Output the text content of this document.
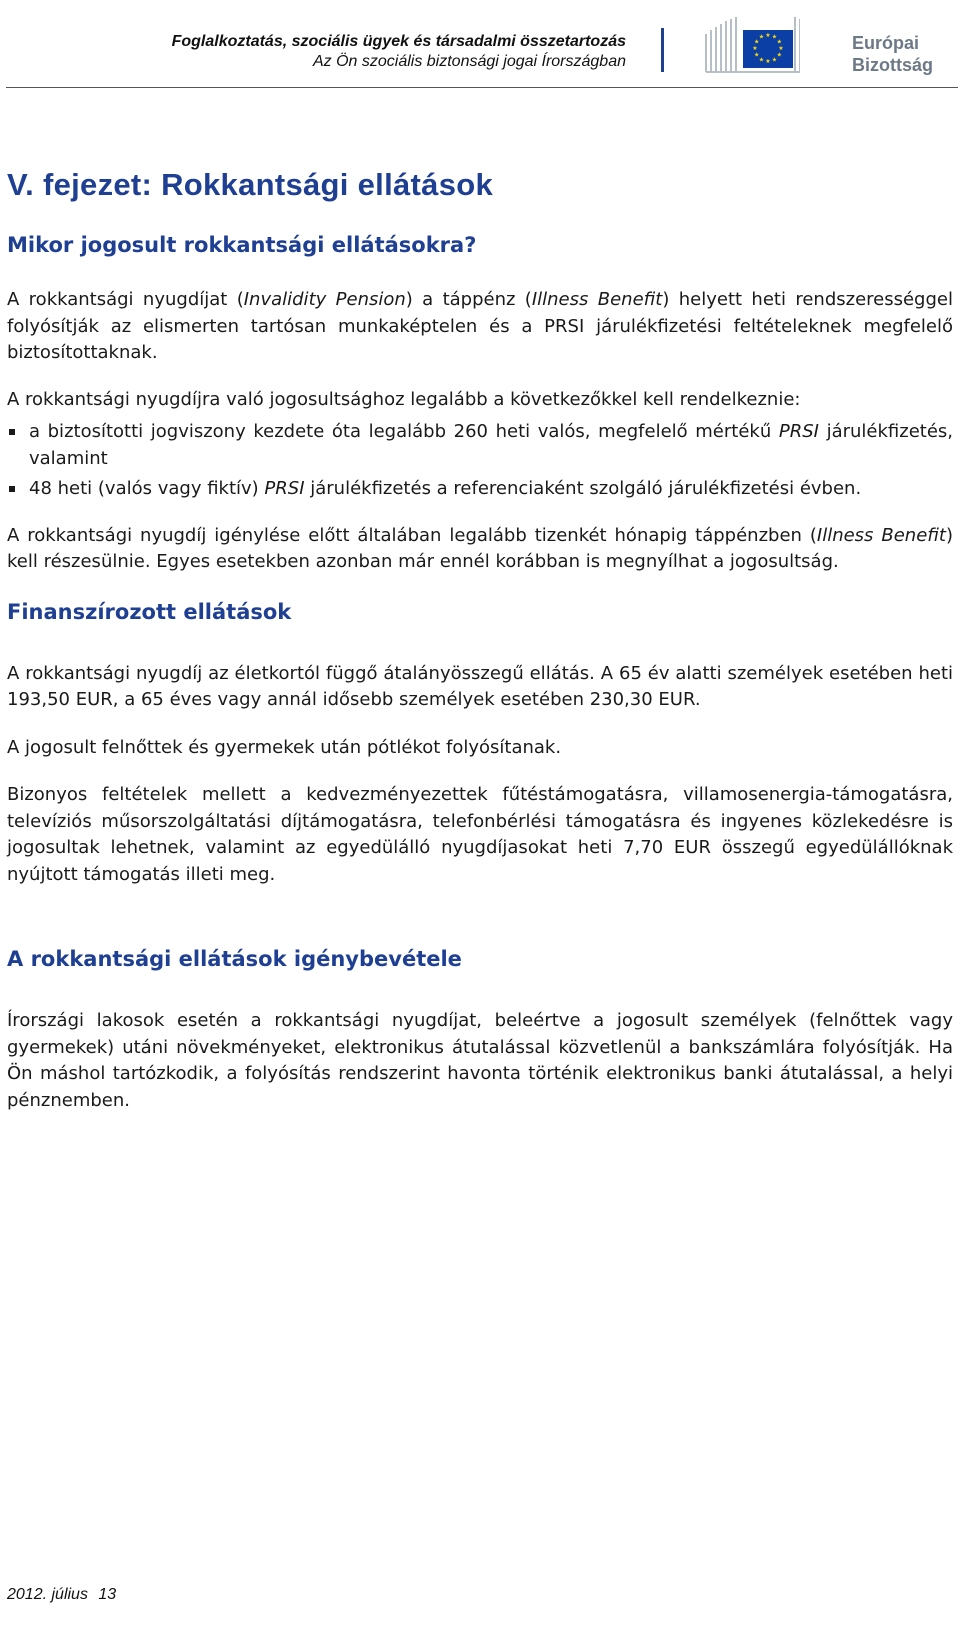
Foglalkoztatás, szociális ügyek és társadalmi összetartozás
Az Ön szociális biztonsági jogai Írországban
★ ★
★
★
★
★
★
★
★
★
★
★	Európai
Bizottság
V. fejezet: Rokkantsági ellátások
Mikor jogosult rokkantsági ellátásokra?

A rokkantsági nyugdíjat (Invalidity Pension) a táppénz (Illness Benefit) helyett heti rendszerességgel folyósítják az elismerten tartósan munkaképtelen és a PRSI járulékfizetési feltételeknek megfelelő biztosítottaknak.

A rokkantsági nyugdíjra való jogosultsághoz legalább a következőkkel kell rendelkeznie:

a biztosítotti jogviszony kezdete óta legalább 260 heti valós, megfelelő mértékű PRSI járulékfizetés, valamint
48 heti (valós vagy fiktív) PRSI járulékfizetés a referenciaként szolgáló járulékfizetési évben.

A rokkantsági nyugdíj igénylése előtt általában legalább tizenkét hónapig táppénzben (Illness Benefit) kell részesülnie. Egyes esetekben azonban már ennél korábban is megnyílhat a jogosultság.

Finanszírozott ellátások

A rokkantsági nyugdíj az életkortól függő átalányösszegű ellátás. A 65 év alatti személyek esetében heti 193,50 EUR, a 65 éves vagy annál idősebb személyek esetében 230,30 EUR.

A jogosult felnőttek és gyermekek után pótlékot folyósítanak.

Bizonyos feltételek mellett a kedvezményezettek fűtéstámogatásra, villamosenergia-támogatásra, televíziós műsorszolgáltatási díjtámogatásra, telefonbérlési támogatásra és ingyenes közlekedésre is jogosultak lehetnek, valamint az egyedülálló nyugdíjasokat heti 7,70 EUR összegű egyedülállóknak nyújtott támogatás illeti meg.

A rokkantsági ellátások igénybevétele

Írországi lakosok esetén a rokkantsági nyugdíjat, beleértve a jogosult személyek (felnőttek vagy gyermekek) utáni növekményeket, elektronikus átutalással közvetlenül a bankszámlára folyósítják. Ha Ön máshol tartózkodik, a folyósítás rendszerint havonta történik elektronikus banki átutalással, a helyi pénznemben.

2012. július 13
